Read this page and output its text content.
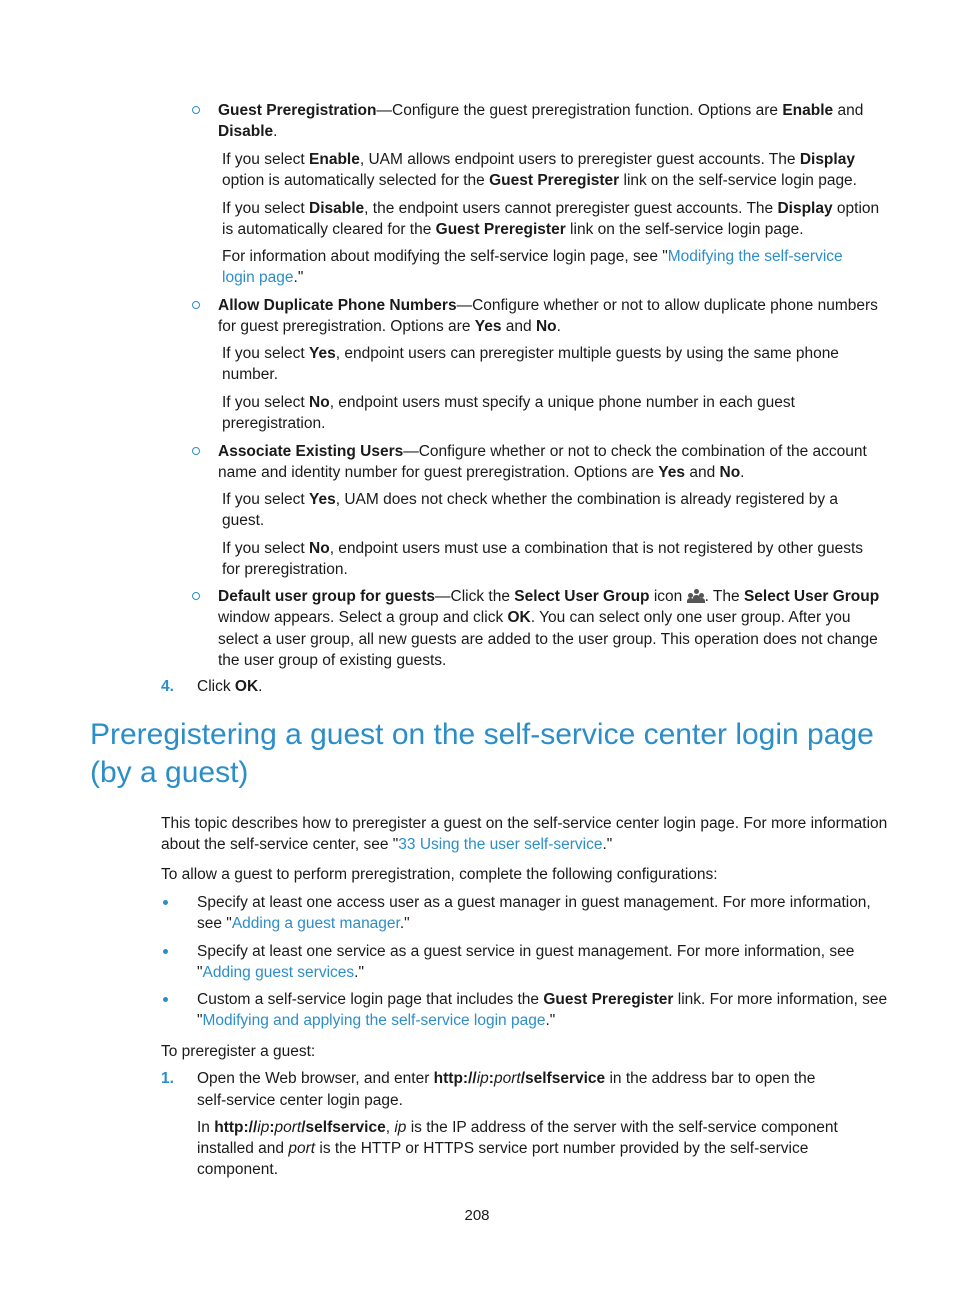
Guest Preregistration—Configure the guest preregistration function. Options are Enable and

Disable.

If you select Enable, UAM allows endpoint users to preregister guest accounts. The Display

option is automatically selected for the Guest Preregister link on the self-service login page.

If you select Disable, the endpoint users cannot preregister guest accounts. The Display option

is automatically cleared for the Guest Preregister link on the self-service login page.

For information about modifying the self-service login page, see "Modifying the self-service

login page."

Allow Duplicate Phone Numbers—Configure whether or not to allow duplicate phone numbers

for guest preregistration. Options are Yes and No.

If you select Yes, endpoint users can preregister multiple guests by using the same phone

number.

If you select No, endpoint users must specify a unique phone number in each guest

preregistration.

Associate Existing Users—Configure whether or not to check the combination of the account

name and identity number for guest preregistration. Options are Yes and No.

If you select Yes, UAM does not check whether the combination is already registered by a

guest.

If you select No, endpoint users must use a combination that is not registered by other guests

for preregistration.

Default user group for guests—Click the Select User Group icon
. The Select User Group

window appears. Select a group and click OK. You can select only one user group. After you

select a user group, all new guests are added to the user group. This operation does not change

the user group of existing guests.

4. Click OK.

Preregistering a guest on the self-service center login page (by a guest)

This topic describes how to preregister a guest on the self-service center login page. For more information

about the self-service center, see "33 Using the user self-service."

To allow a guest to perform preregistration, complete the following configurations:

Specify at least one access user as a guest manager in guest management. For more information,

see "Adding a guest manager."

Specify at least one service as a guest service in guest management. For more information, see

"Adding guest services."

Custom a self-service login page that includes the Guest Preregister link. For more information, see

"Modifying and applying the self-service login page."

To preregister a guest:

1. Open the Web browser, and enter http://ip:port/selfservice in the address bar to open the

self-service center login page.

In http://ip:port/selfservice, ip is the IP address of the server with the self-service component

installed and port is the HTTP or HTTPS service port number provided by the self-service

component.

208
